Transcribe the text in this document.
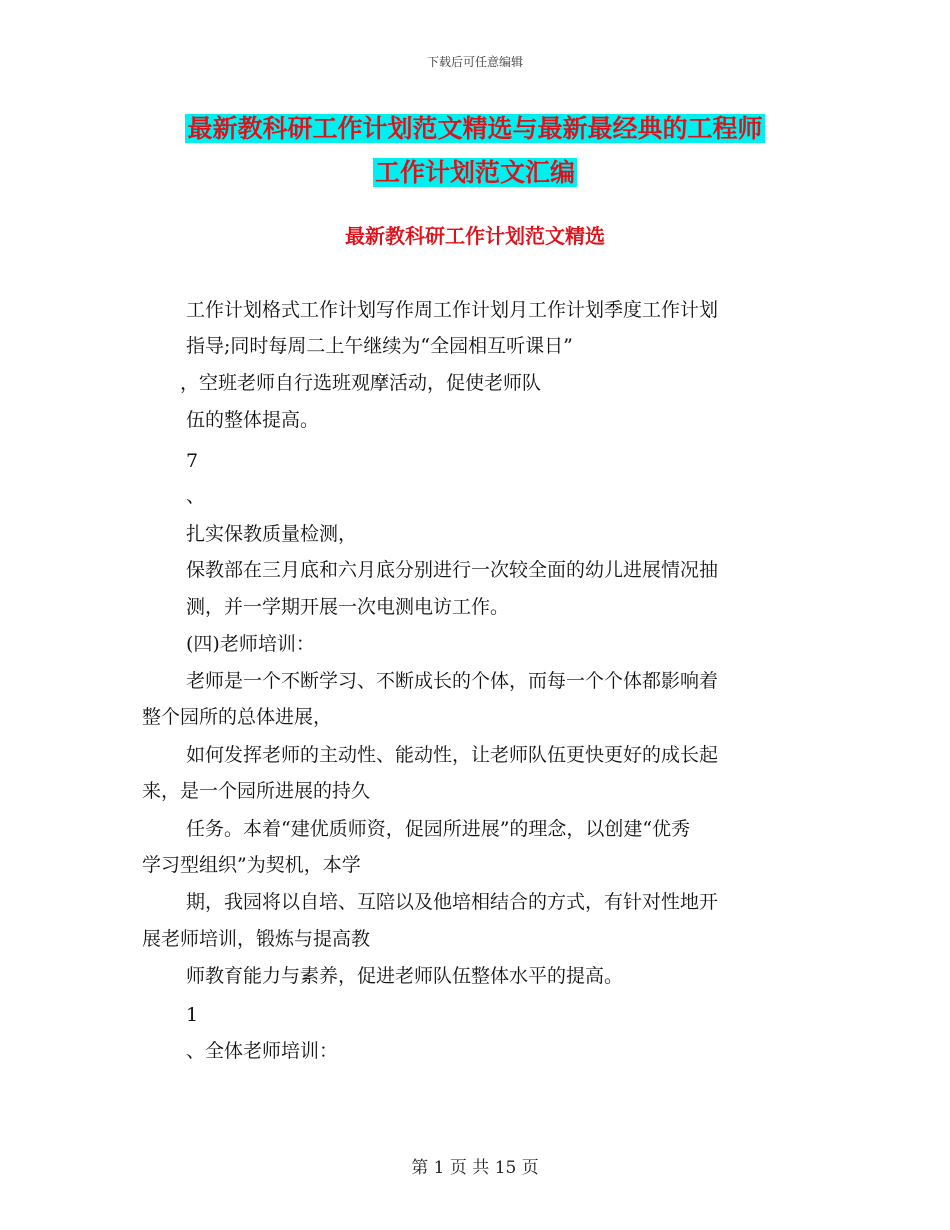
下载后可任意编辑
最新教科研工作计划范文精选与最新最经典的工程师
工作计划范文汇编
最新教科研工作计划范文精选
工作计划格式工作计划写作周工作计划月工作计划季度工作计划
指导;同时每周二上午继续为“全园相互听课日”
，空班老师自行选班观摩活动，促使老师队
伍的整体提高。
7
、
扎实保教质量检测，
保教部在三月底和六月底分别进行一次较全面的幼儿进展情况抽
测，并一学期开展一次电测电访工作。
(四)老师培训：
老师是一个不断学习、不断成长的个体，而每一个个体都影响着
整个园所的总体进展，
如何发挥老师的主动性、能动性，让老师队伍更快更好的成长起
来，是一个园所进展的持久
任务。本着“建优质师资，促园所进展”的理念，以创建“优秀
学习型组织”为契机，本学
期，我园将以自培、互陪以及他培相结合的方式，有针对性地开
展老师培训，锻炼与提高教
师教育能力与素养，促进老师队伍整体水平的提高。
1
、全体老师培训：
第 1 页 共 15 页
